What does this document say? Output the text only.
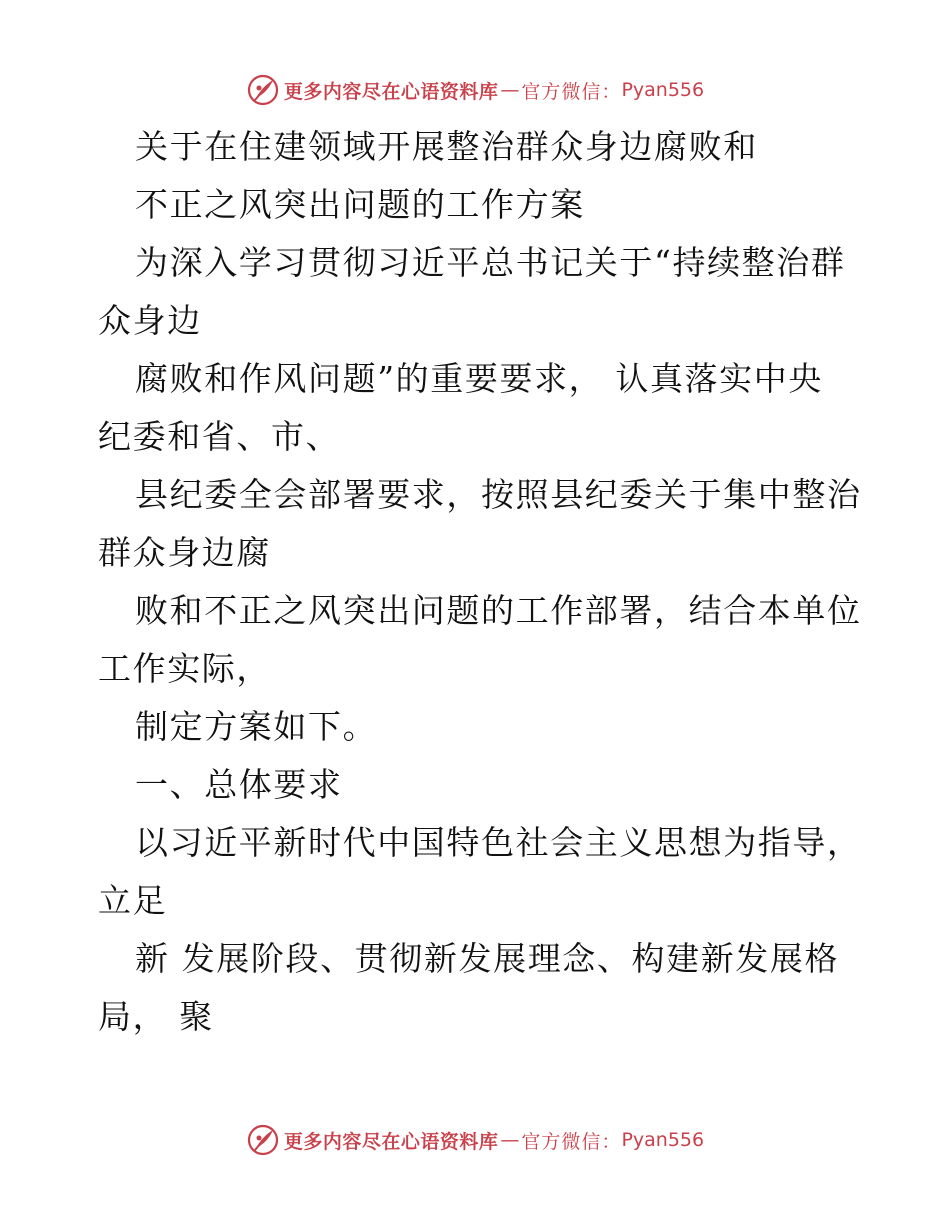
更多内容尽在心语资料库 — 官方微信： Pyan556
关于在住建领域开展整治群众身边腐败和
不正之风突出问题的工作方案
为深入学习贯彻习近平总书记关于“持续整治群
众身边
腐败和作风问题”的重要要求， 认真落实中央
纪委和省、市、
县纪委全会部署要求，按照县纪委关于集中整治
群众身边腐
败和不正之风突出问题的工作部署，结合本单位
工作实际，
制定方案如下。
一、总体要求
以习近平新时代中国特色社会主义思想为指导，
立足
新 发展阶段、贯彻新发展理念、构建新发展格
局， 聚
更多内容尽在心语资料库 — 官方微信： Pyan556
